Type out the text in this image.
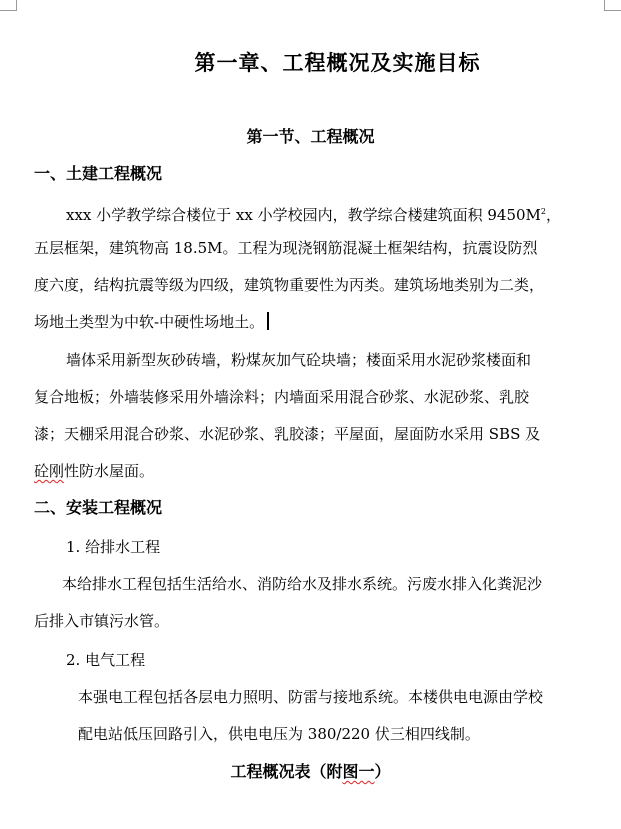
第一章、工程概况及实施目标
第一节、工程概况
一、土建工程概况
xxx 小学教学综合楼位于 xx 小学校园内，教学综合楼建筑面积 $9450M^2$，
五层框架，建筑物高 18.5M。工程为现浇钢筋混凝土框架结构，抗震设防烈
度六度，结构抗震等级为四级，建筑物重要性为丙类。建筑场地类别为二类，
场地土类型为中软-中硬性场地土。
墙体采用新型灰砂砖墙，粉煤灰加气砼块墙；楼面采用水泥砂浆楼面和
复合地板；外墙装修采用外墙涂料；内墙面采用混合砂浆、水泥砂浆、乳胶
漆；天棚采用混合砂浆、水泥砂浆、乳胶漆；平屋面，屋面防水采用 SBS 及
砼刚性防水屋面。
二、安装工程概况
1. 给排水工程
本给排水工程包括生活给水、消防给水及排水系统。污废水排入化粪泥沙
后排入市镇污水管。
2. 电气工程
本强电工程包括各层电力照明、防雷与接地系统。本楼供电电源由学校
配电站低压回路引入，供电电压为 380/220 伏三相四线制。
工程概况表（附图一）
